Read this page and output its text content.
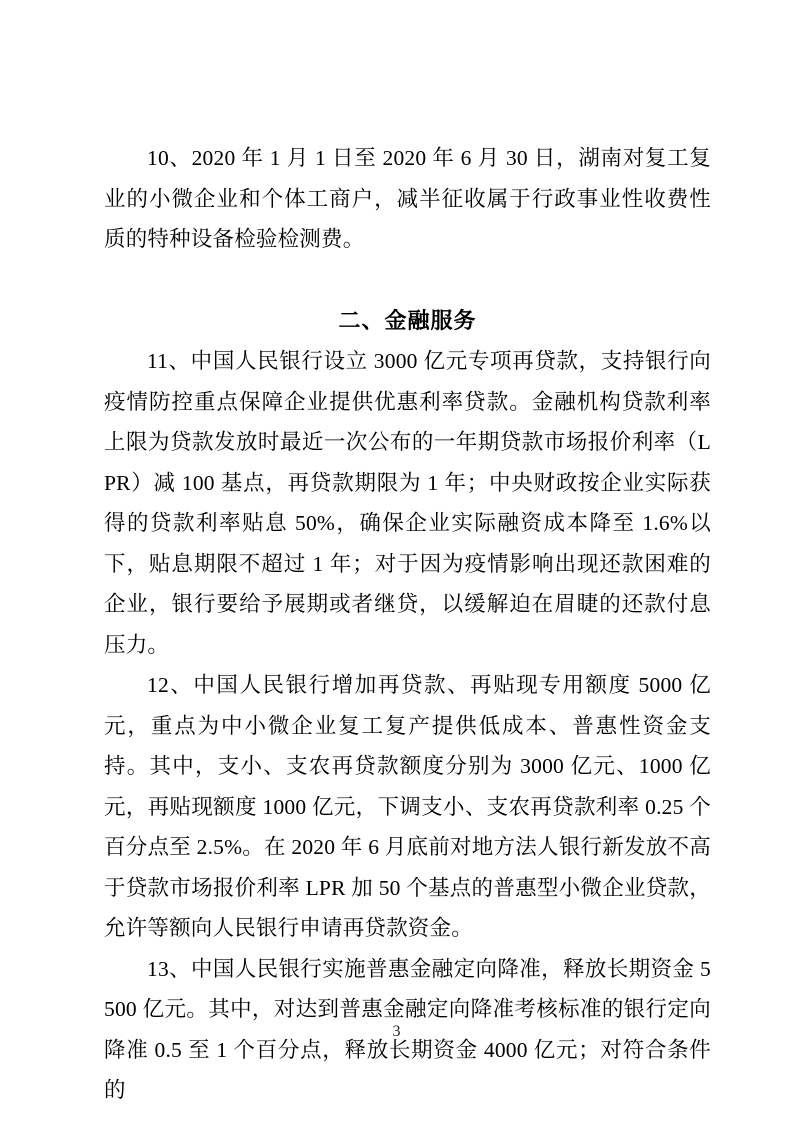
10、2020 年 1 月 1 日至 2020 年 6 月 30 日，湖南对复工复业的小微企业和个体工商户，减半征收属于行政事业性收费性质的特种设备检验检测费。

二、金融服务

11、中国人民银行设立 3000 亿元专项再贷款，支持银行向疫情防控重点保障企业提供优惠利率贷款。金融机构贷款利率上限为贷款发放时最近一次公布的一年期贷款市场报价利率（LPR）减 100 基点，再贷款期限为 1 年；中央财政按企业实际获得的贷款利率贴息 50%，确保企业实际融资成本降至 1.6%以下，贴息期限不超过 1 年；对于因为疫情影响出现还款困难的企业，银行要给予展期或者继贷，以缓解迫在眉睫的还款付息压力。

12、中国人民银行增加再贷款、再贴现专用额度 5000 亿元，重点为中小微企业复工复产提供低成本、普惠性资金支持。其中，支小、支农再贷款额度分别为 3000 亿元、1000 亿元，再贴现额度 1000 亿元，下调支小、支农再贷款利率 0.25 个百分点至 2.5%。在 2020 年 6 月底前对地方法人银行新发放不高于贷款市场报价利率 LPR 加 50 个基点的普惠型小微企业贷款，允许等额向人民银行申请再贷款资金。

13、中国人民银行实施普惠金融定向降准，释放长期资金 5500 亿元。其中，对达到普惠金融定向降准考核标准的银行定向降准 0.5 至 1 个百分点，释放长期资金 4000 亿元；对符合条件的

3
